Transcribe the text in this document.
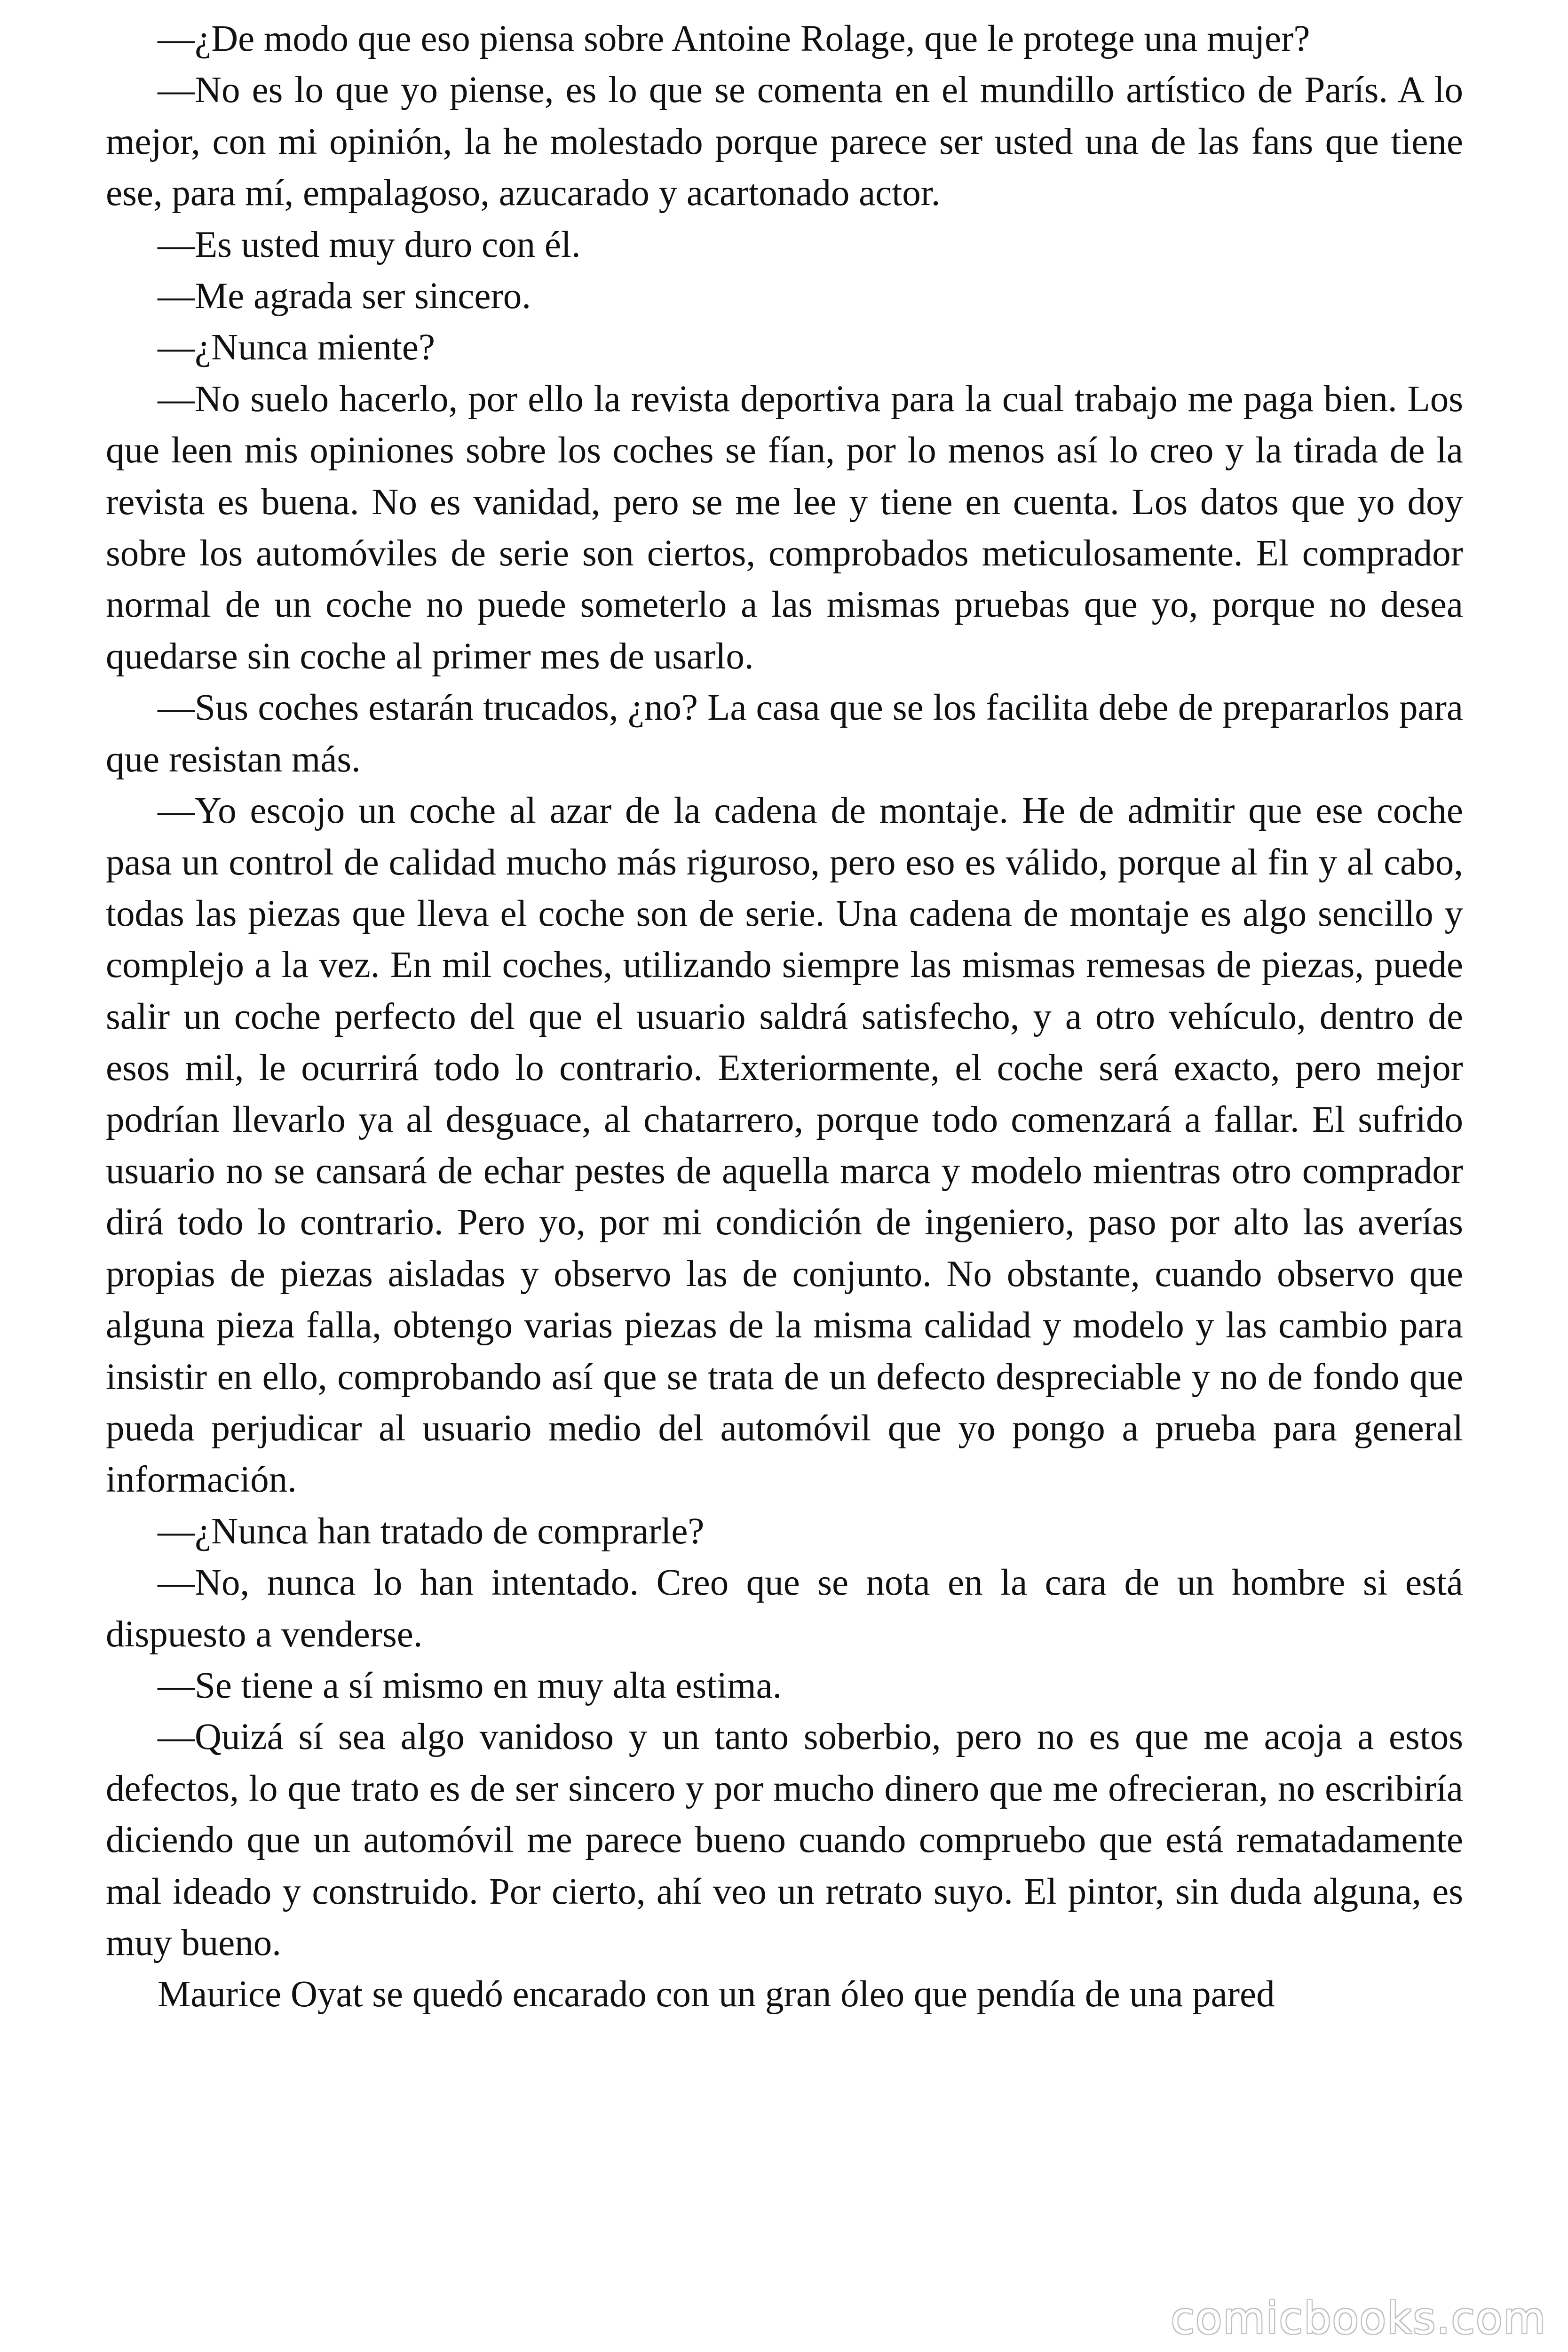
—¿De modo que eso piensa sobre Antoine Rolage, que le protege una mujer?

—No es lo que yo piense, es lo que se comenta en el mundillo artístico de París. A lo mejor, con mi opinión, la he molestado porque parece ser usted una de las fans que tiene ese, para mí, empalagoso, azucarado y acartonado actor.

—Es usted muy duro con él.

—Me agrada ser sincero.

—¿Nunca miente?

—No suelo hacerlo, por ello la revista deportiva para la cual trabajo me paga bien. Los que leen mis opiniones sobre los coches se fían, por lo menos así lo creo y la tirada de la revista es buena. No es vanidad, pero se me lee y tiene en cuenta. Los datos que yo doy sobre los automóviles de serie son ciertos, comprobados meticulosamente. El comprador normal de un coche no puede someterlo a las mismas pruebas que yo, porque no desea quedarse sin coche al primer mes de usarlo.

—Sus coches estarán trucados, ¿no? La casa que se los facilita debe de prepararlos para que resistan más.

—Yo escojo un coche al azar de la cadena de montaje. He de admitir que ese coche pasa un control de calidad mucho más riguroso, pero eso es válido, porque al fin y al cabo, todas las piezas que lleva el coche son de serie. Una cadena de montaje es algo sencillo y complejo a la vez. En mil coches, utilizando siempre las mismas remesas de piezas, puede salir un coche perfecto del que el usuario saldrá satisfecho, y a otro vehículo, dentro de esos mil, le ocurrirá todo lo contrario. Exteriormente, el coche será exacto, pero mejor podrían llevarlo ya al desguace, al chatarrero, porque todo comenzará a fallar. El sufrido usuario no se cansará de echar pestes de aquella marca y modelo mientras otro comprador dirá todo lo contrario. Pero yo, por mi condición de ingeniero, paso por alto las averías propias de piezas aisladas y observo las de conjunto. No obstante, cuando observo que alguna pieza falla, obtengo varias piezas de la misma calidad y modelo y las cambio para insistir en ello, comprobando así que se trata de un defecto despreciable y no de fondo que pueda perjudicar al usuario medio del automóvil que yo pongo a prueba para general información.

—¿Nunca han tratado de comprarle?

—No, nunca lo han intentado. Creo que se nota en la cara de un hombre si está dispuesto a venderse.

—Se tiene a sí mismo en muy alta estima.

—Quizá sí sea algo vanidoso y un tanto soberbio, pero no es que me acoja a estos defectos, lo que trato es de ser sincero y por mucho dinero que me ofrecieran, no escribiría diciendo que un automóvil me parece bueno cuando compruebo que está rematadamente mal ideado y construido. Por cierto, ahí veo un retrato suyo. El pintor, sin duda alguna, es muy bueno.

Maurice Oyat se quedó encarado con un gran óleo que pendía de una pared

comicbooks.com
